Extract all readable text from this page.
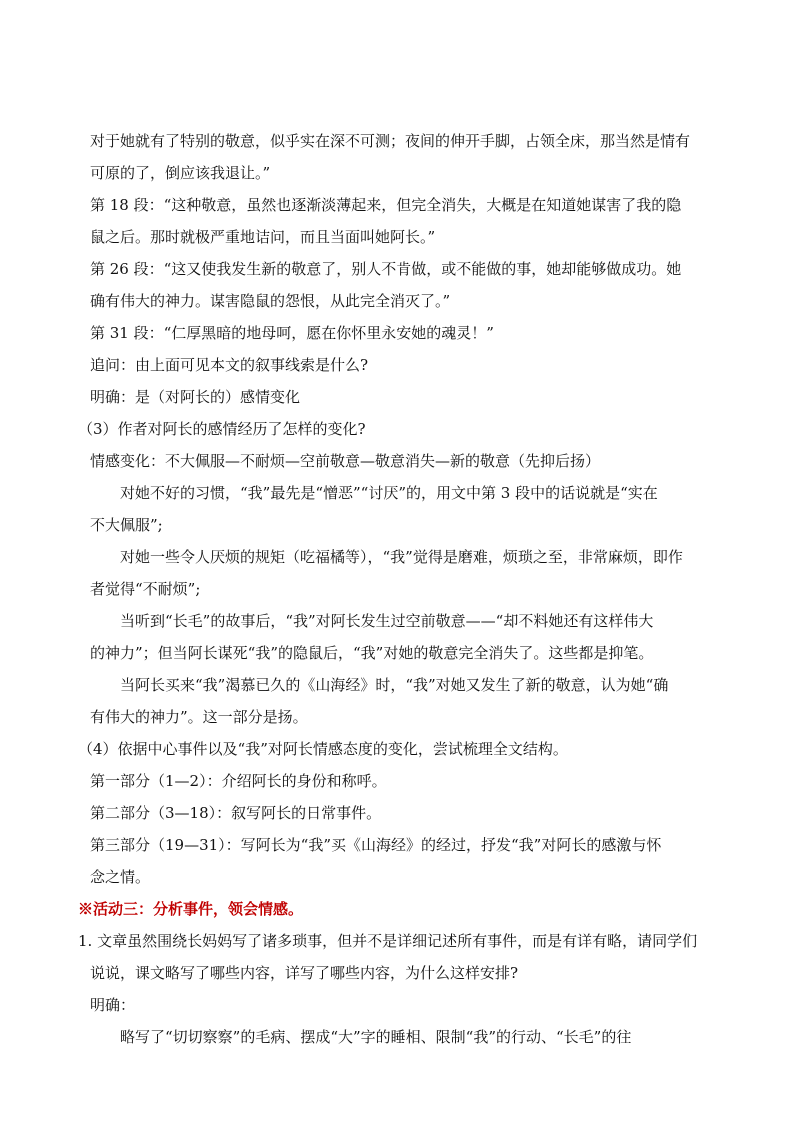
对于她就有了特别的敬意，似乎实在深不可测；夜间的伸开手脚，占领全床，那当然是情有
可原的了，倒应该我退让。”
第 18 段：“这种敬意，虽然也逐渐淡薄起来，但完全消失，大概是在知道她谋害了我的隐
鼠之后。那时就极严重地诘问，而且当面叫她阿长。”
第 26 段：“这又使我发生新的敬意了，别人不肯做，或不能做的事，她却能够做成功。她
确有伟大的神力。谋害隐鼠的怨恨，从此完全消灭了。”
第 31 段：“仁厚黑暗的地母呵，愿在你怀里永安她的魂灵！”
追问：由上面可见本文的叙事线索是什么?
明确：是（对阿长的）感情变化
（3）作者对阿长的感情经历了怎样的变化?
情感变化：不大佩服—不耐烦—空前敬意—敬意消失—新的敬意（先抑后扬）
对她不好的习惯，“我”最先是“憎恶”“讨厌”的，用文中第 3 段中的话说就是“实在
不大佩服”;
对她一些令人厌烦的规矩（吃福橘等），“我”觉得是磨难，烦琐之至，非常麻烦，即作
者觉得“不耐烦”;
当听到“长毛”的故事后，“我”对阿长发生过空前敬意——“却不料她还有这样伟大
的神力”；但当阿长谋死“我”的隐鼠后，“我”对她的敬意完全消失了。这些都是抑笔。
当阿长买来“我”渴慕已久的《山海经》时，“我”对她又发生了新的敬意，认为她“确
有伟大的神力”。这一部分是扬。
（4）依据中心事件以及“我”对阿长情感态度的变化，尝试梳理全文结构。
第一部分（1—2）：介绍阿长的身份和称呼。
第二部分（3—18）：叙写阿长的日常事件。
第三部分（19—31）：写阿长为“我”买《山海经》的经过，抒发“我”对阿长的感激与怀
念之情。
※活动三：分析事件，领会情感。
1. 文章虽然围绕长妈妈写了诸多琐事，但并不是详细记述所有事件，而是有详有略，请同学们
说说，课文略写了哪些内容，详写了哪些内容，为什么这样安排?
明确：
略写了“切切察察”的毛病、摆成“大”字的睡相、限制“我”的行动、“长毛”的往
